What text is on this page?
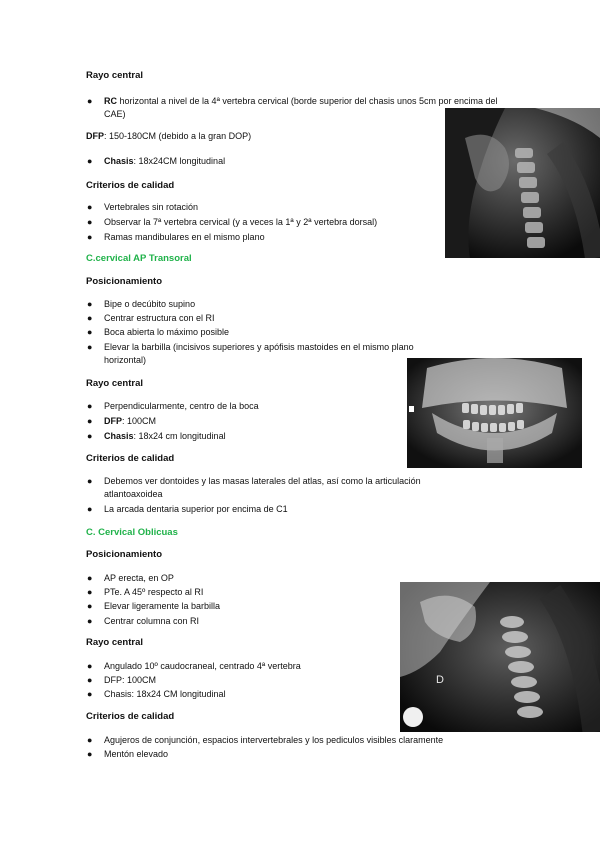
Rayo central
● RC horizontal a nivel de la 4ª vertebra cervical (borde superior del chasis unos 5cm por encima del CAE)
DFP: 150-180CM (debido a la gran DOP)
● Chasis: 18x24CM longitudinal
Criterios de calidad
● Vertebrales sin rotación
● Observar la 7ª vertebra cervical (y a veces la 1ª y 2ª vertebra dorsal)
● Ramas mandibulares en el mismo plano
C.cervical AP Transoral
Posicionamiento
● Bipe o decúbito supino
● Centrar estructura con el RI
● Boca abierta lo máximo posible
● Elevar la barbilla (incisivos superiores y apófisis mastoides en el mismo plano horizontal)
Rayo central
● Perpendicularmente, centro de la boca
● DFP: 100CM
● Chasis: 18x24 cm longitudinal
Criterios de calidad
● Debemos ver dontoides y las masas laterales del atlas, así como la articulación atlantoaxoidea
● La arcada dentaria superior por encima de C1
C. Cervical Oblicuas
Posicionamiento
● AP erecta, en OP
● PTe. A 45º respecto al RI
● Elevar ligeramente la barbilla
● Centrar columna con RI
Rayo central
● Angulado 10º caudocraneal, centrado 4ª vertebra
● DFP: 100CM
● Chasis: 18x24 CM longitudinal
Criterios de calidad
● Agujeros de conjunción, espacios intervertebrales y los pediculos visibles claramente
● Mentón elevado
D
